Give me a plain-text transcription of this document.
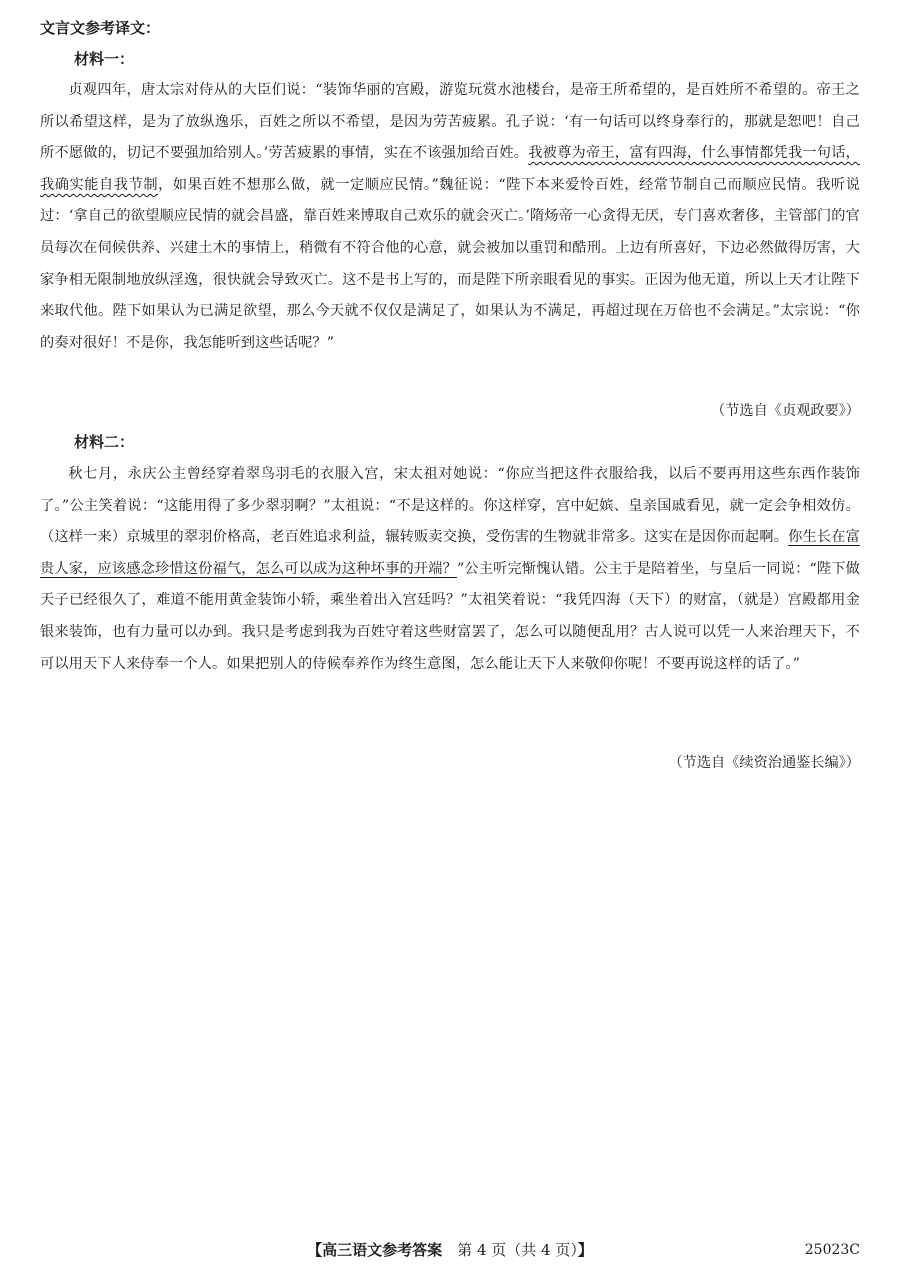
文言文参考译文：
材料一：

贞观四年，唐太宗对侍从的大臣们说：“装饰华丽的宫殿，游览玩赏水池楼台，是帝王所希望的，是百姓所不希望的。帝王之所以希望这样，是为了放纵逸乐，百姓之所以不希望，是因为劳苦疲累。孔子说：‘有一句话可以终身奉行的，那就是恕吧！自己所不愿做的，切记不要强加给别人。’劳苦疲累的事情，实在不该强加给百姓。我被尊为帝王，富有四海，什么事情都凭我一句话，我确实能自我节制，如果百姓不想那么做，就一定顺应民情。”魏征说：“陛下本来爱怜百姓，经常节制自己而顺应民情。我听说过：‘拿自己的欲望顺应民情的就会昌盛，靠百姓来博取自己欢乐的就会灭亡。’隋炀帝一心贪得无厌，专门喜欢奢侈，主管部门的官员每次在伺候供养、兴建土木的事情上，稍微有不符合他的心意，就会被加以重罚和酷刑。上边有所喜好，下边必然做得厉害，大家争相无限制地放纵淫逸，很快就会导致灭亡。这不是书上写的，而是陛下所亲眼看见的事实。正因为他无道，所以上天才让陛下来取代他。陛下如果认为已满足欲望，那么今天就不仅仅是满足了，如果认为不满足，再超过现在万倍也不会满足。”太宗说：“你的奏对很好！不是你，我怎能听到这些话呢？”

（节选自《贞观政要》）
材料二：

秋七月，永庆公主曾经穿着翠鸟羽毛的衣服入宫，宋太祖对她说：“你应当把这件衣服给我，以后不要再用这些东西作装饰了。”公主笑着说：“这能用得了多少翠羽啊？”太祖说：“不是这样的。你这样穿，宫中妃嫔、皇亲国戚看见，就一定会争相效仿。（这样一来）京城里的翠羽价格高，老百姓追求利益，辗转贩卖交换，受伤害的生物就非常多。这实在是因你而起啊。你生长在富贵人家，应该感念珍惜这份福气，怎么可以成为这种坏事的开端？”公主听完惭愧认错。公主于是陪着坐，与皇后一同说：“陛下做天子已经很久了，难道不能用黄金装饰小轿，乘坐着出入宫廷吗？”太祖笑着说：“我凭四海（天下）的财富，（就是）宫殿都用金银来装饰，也有力量可以办到。我只是考虑到我为百姓守着这些财富罢了，怎么可以随便乱用？古人说可以凭一人来治理天下，不可以用天下人来侍奉一个人。如果把别人的侍候奉养作为终生意图，怎么能让天下人来敬仰你呢！不要再说这样的话了。”

（节选自《续资治通鉴长编》）
【高三语文参考答案　第 4 页（共 4 页）】	25023C
